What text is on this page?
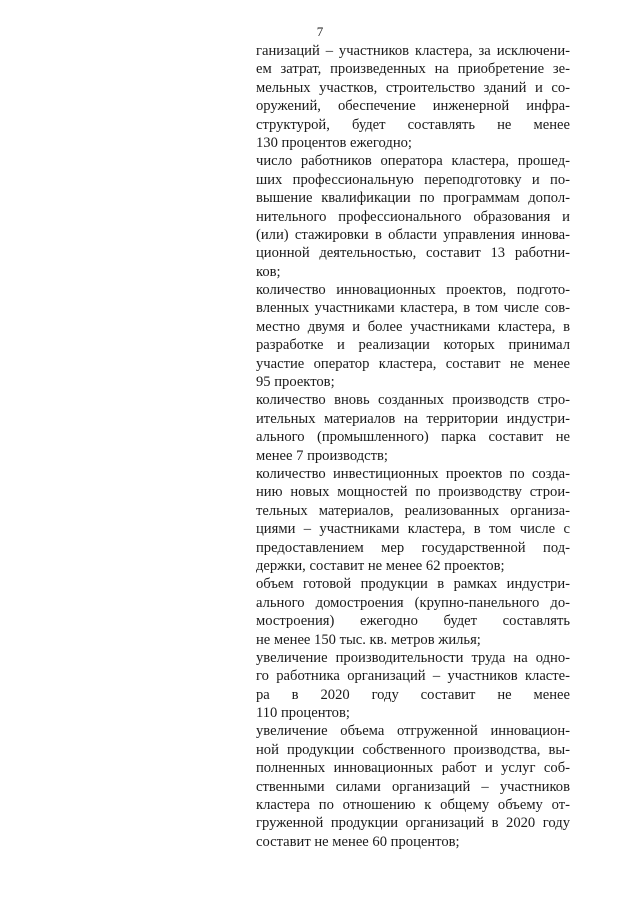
7
ганизаций – участников кластера, за исключени-
ем затрат, произведенных на приобретение зе-
мельных участков, строительство зданий и со-
оружений, обеспечение инженерной инфра-
структурой, будет составлять не менее
130 процентов ежегодно;
число работников оператора кластера, прошед-
ших профессиональную переподготовку и по-
вышение квалификации по программам допол-
нительного профессионального образования и
(или) стажировки в области управления иннова-
ционной деятельностью, составит 13 работни-
ков;
количество инновационных проектов, подгото-
вленных участниками кластера, в том числе сов-
местно двумя и более участниками кластера, в
разработке и реализации которых принимал
участие оператор кластера, составит не менее
95 проектов;
количество вновь созданных производств стро-
ительных материалов на территории индустри-
ального (промышленного) парка составит не
менее 7 производств;
количество инвестиционных проектов по созда-
нию новых мощностей по производству строи-
тельных материалов, реализованных организа-
циями – участниками кластера, в том числе с
предоставлением мер государственной под-
держки, составит не менее 62 проектов;
объем готовой продукции в рамках индустри-
ального домостроения (крупно-панельного до-
мостроения) ежегодно будет составлять
не менее 150 тыс. кв. метров жилья;
увеличение производительности труда на одно-
го работника организаций – участников класте-
ра в 2020 году составит не менее
110 процентов;
увеличение объема отгруженной инновацион-
ной продукции собственного производства, вы-
полненных инновационных работ и услуг соб-
ственными силами организаций – участников
кластера по отношению к общему объему от-
груженной продукции организаций в 2020 году
составит не менее 60 процентов;
